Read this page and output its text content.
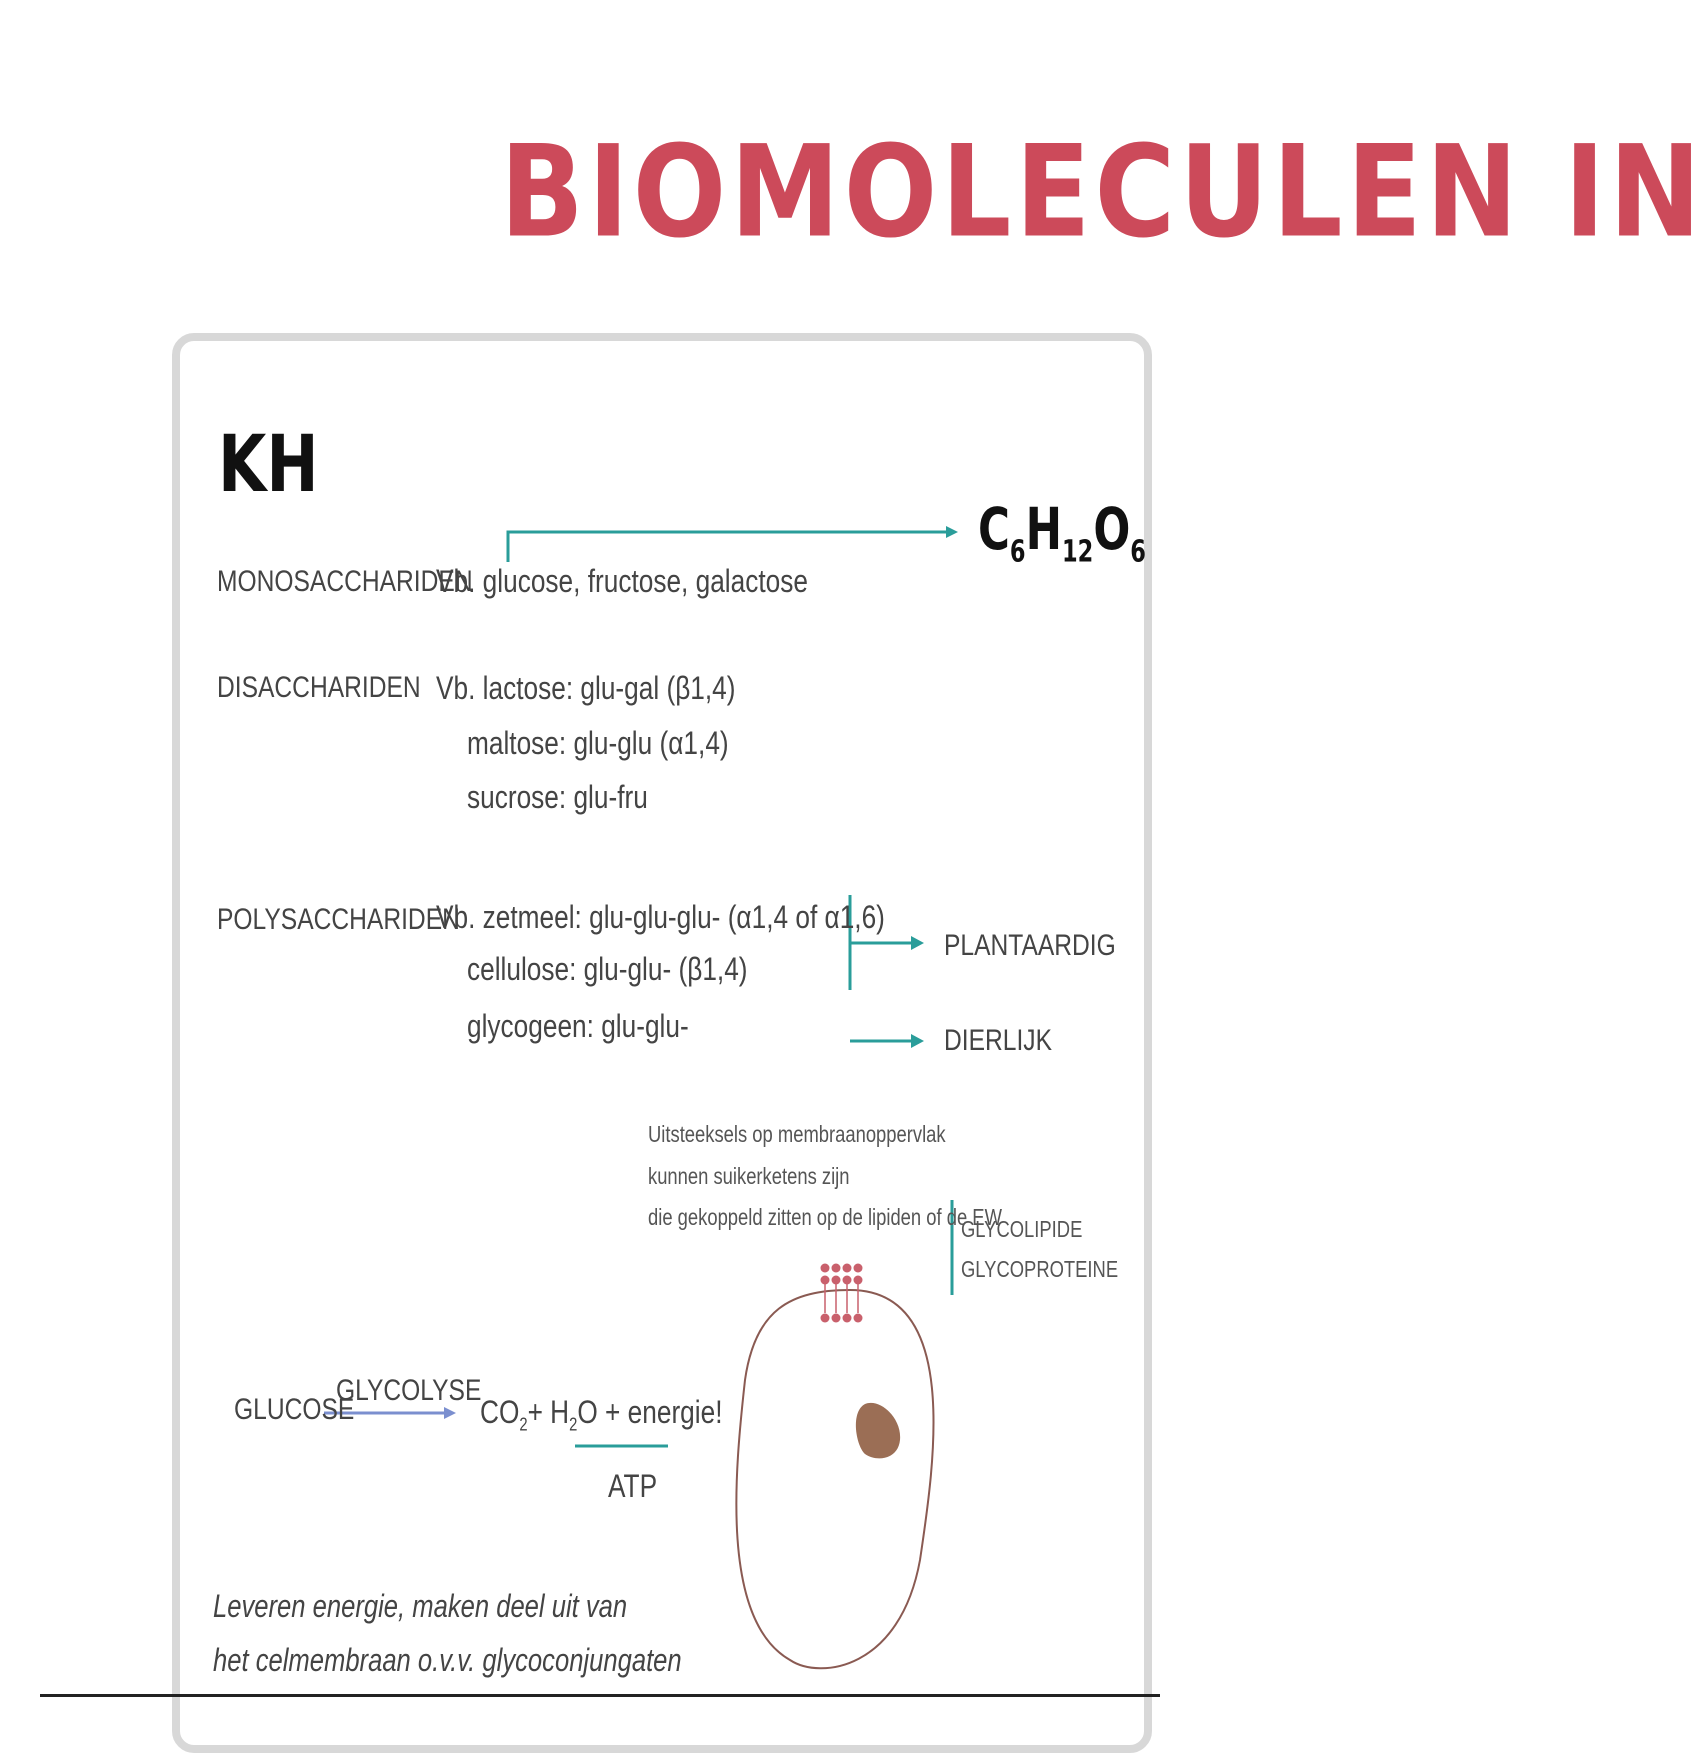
BIOMOLECULEN IN
KH
$C_6H_{12}O_6$
MONOSACCHARIDEN
Vb. glucose, fructose, galactose
DISACCHARIDEN Vb. lactose: glu-gal (β1,4)
maltose: glu-glu (α1,4)
sucrose: glu-fru
POLYSACCHARIDEN
Vb. zetmeel: glu-glu-glu- (α1,4 of α1,6)
cellulose: glu-glu- (β1,4)
glycogeen: glu-glu-
PLANTAARDIG
DIERLIJK
Uitsteeksels op membraanoppervlak
kunnen suikerketens zijn
die gekoppeld zitten op de lipiden of de EW
GLYCOLIPIDE
GLYCOPROTEINE
GLUCOSE
GLYCOLYSE
$CO_2+ H_2O$ + energie!
ATP
Leveren energie, maken deel uit van
het celmembraan o.v.v. glycoconjungaten
